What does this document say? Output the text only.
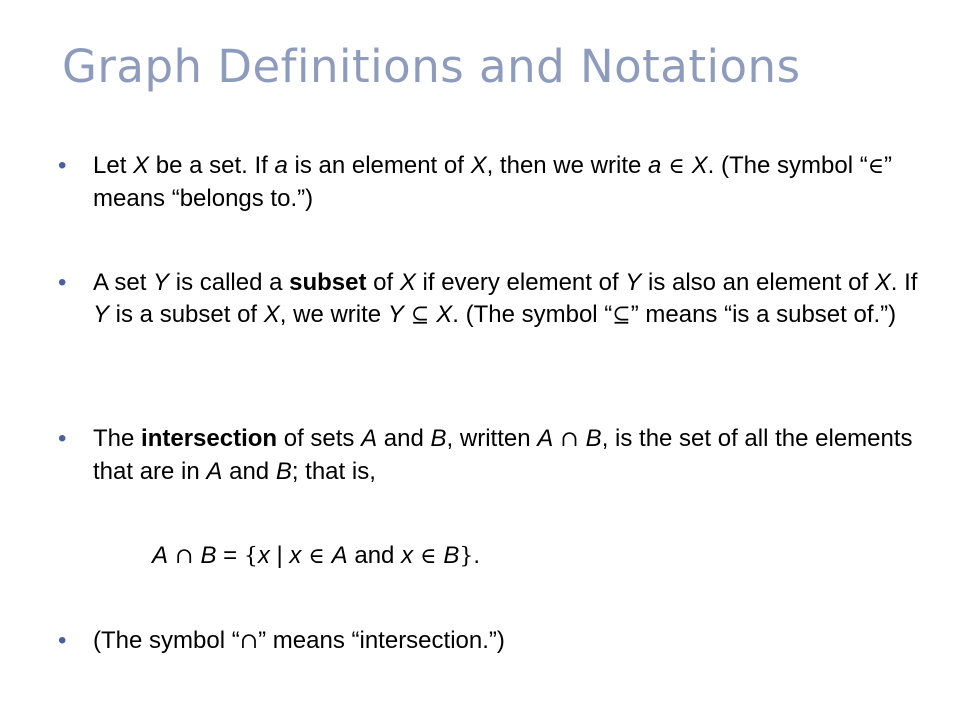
Graph Definitions and Notations
•	Let X be a set. If a is an element of X, then we write a ∈ X. (The symbol “∈” means “belongs to.”)
•	A set Y is called a subset of X if every element of Y is also an element of X. If Y is a subset of X, we write Y ⊆ X. (The symbol “⊆” means “is a subset of.”)
•	The intersection of sets A and B, written A ∩ B, is the set of all the elements that are in A and B; that is,
A ∩ B = {x | x ∈ A and x ∈ B}.
•	(The symbol “∩” means “intersection.”)
